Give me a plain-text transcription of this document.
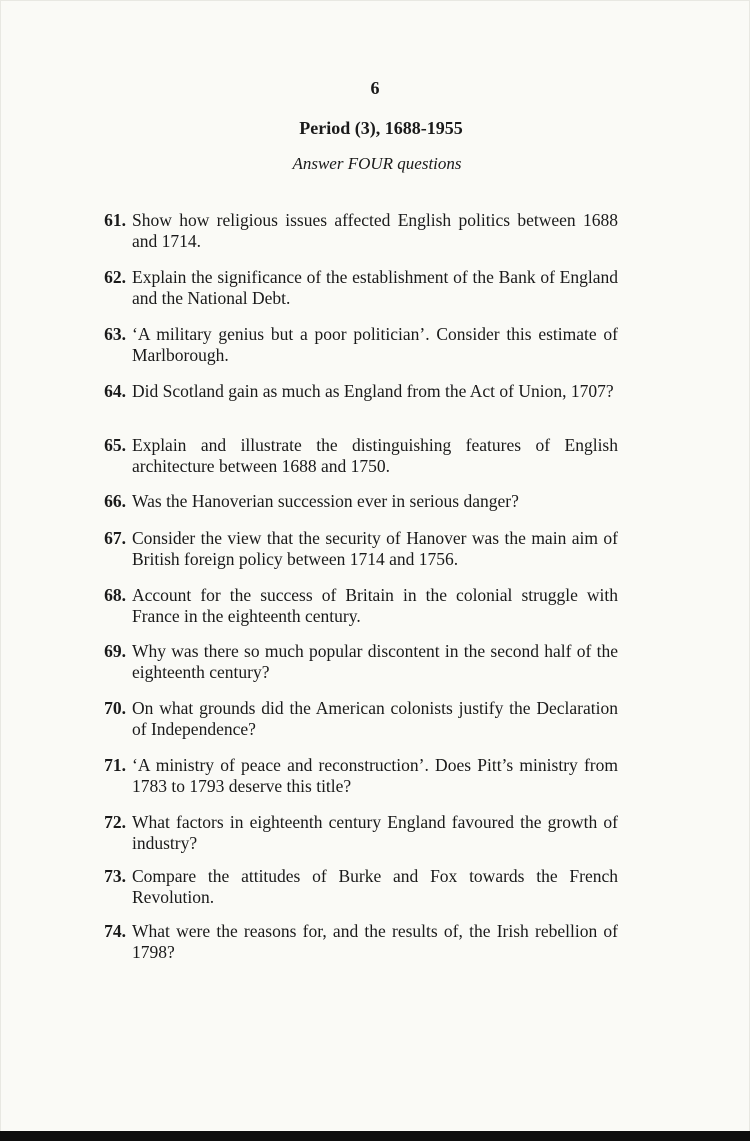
6
Period (3), 1688-1955
Answer FOUR questions
61. Show how religious issues affected English politics between 1688 and 1714.
62. Explain the significance of the establishment of the Bank of England and the National Debt.
63. ‘A military genius but a poor politician’. Consider this estimate of Marlborough.
64. Did Scotland gain as much as England from the Act of Union, 1707?
65. Explain and illustrate the distinguishing features of English architecture between 1688 and 1750.
66. Was the Hanoverian succession ever in serious danger?
67. Consider the view that the security of Hanover was the main aim of British foreign policy between 1714 and 1756.
68. Account for the success of Britain in the colonial struggle with France in the eighteenth century.
69. Why was there so much popular discontent in the second half of the eighteenth century?
70. On what grounds did the American colonists justify the Declaration of Independence?
71. ‘A ministry of peace and reconstruction’. Does Pitt’s ministry from 1783 to 1793 deserve this title?
72. What factors in eighteenth century England favoured the growth of industry?
73. Compare the attitudes of Burke and Fox towards the French Revolution.
74. What were the reasons for, and the results of, the Irish rebellion of 1798?
